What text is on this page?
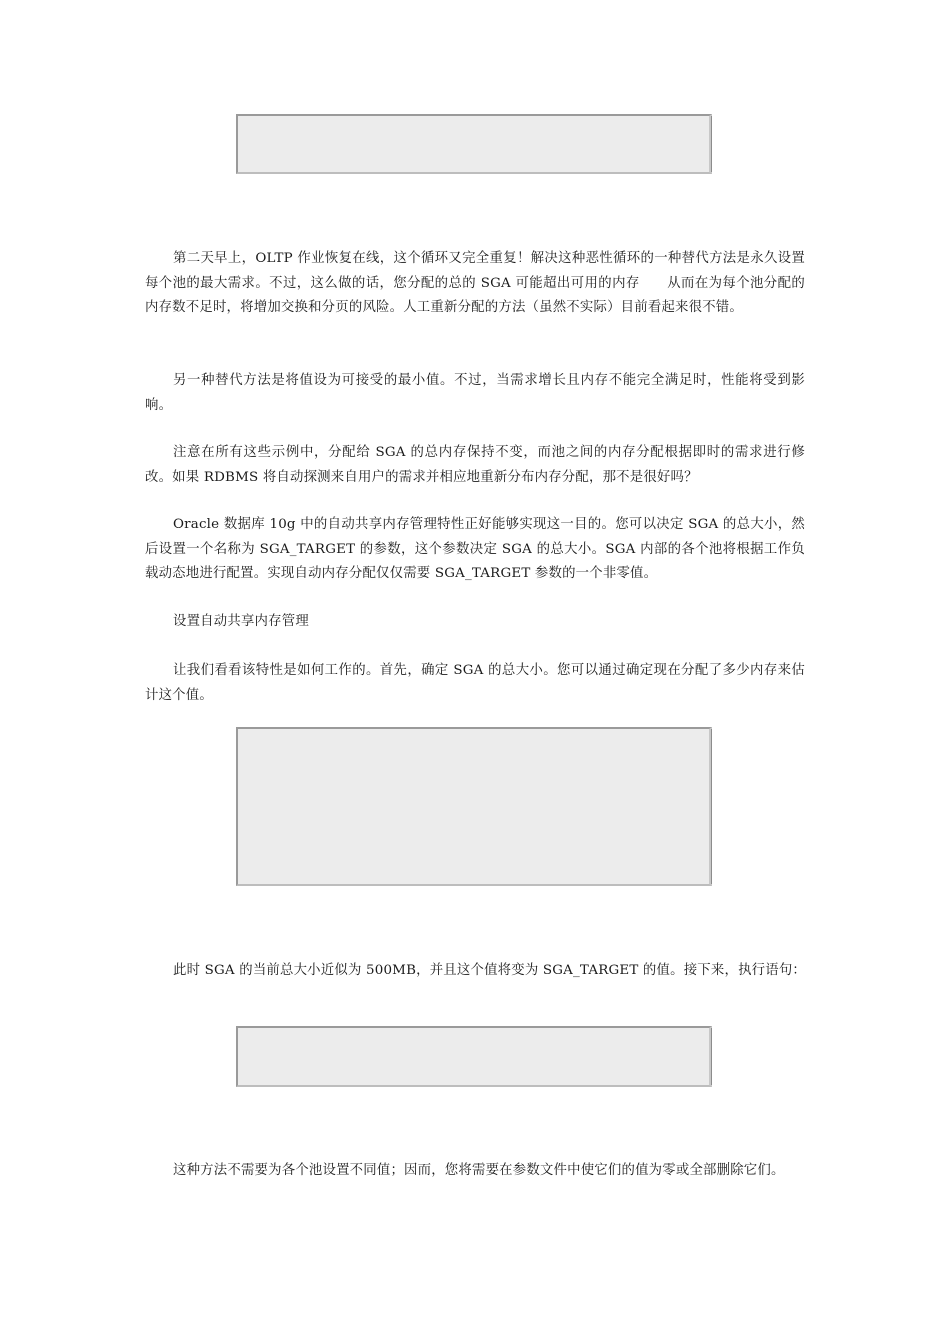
第二天早上，OLTP 作业恢复在线，这个循环又完全重复！解决这种恶性循环的一种替代方法是永久设置每个池的最大需求。不过，这么做的话，您分配的总的 SGA 可能超出可用的内存　　从而在为每个池分配的内存数不足时，将增加交换和分页的风险。人工重新分配的方法（虽然不实际）目前看起来很不错。

另一种替代方法是将值设为可接受的最小值。不过，当需求增长且内存不能完全满足时，性能将受到影响。

注意在所有这些示例中，分配给 SGA 的总内存保持不变，而池之间的内存分配根据即时的需求进行修改。如果 RDBMS 将自动探测来自用户的需求并相应地重新分布内存分配，那不是很好吗？

Oracle 数据库 10g 中的自动共享内存管理特性正好能够实现这一目的。您可以决定 SGA 的总大小，然后设置一个名称为 SGA_TARGET 的参数，这个参数决定 SGA 的总大小。SGA 内部的各个池将根据工作负载动态地进行配置。实现自动内存分配仅仅需要 SGA_TARGET 参数的一个非零值。

设置自动共享内存管理

让我们看看该特性是如何工作的。首先，确定 SGA 的总大小。您可以通过确定现在分配了多少内存来估计这个值。

此时 SGA 的当前总大小近似为 500MB，并且这个值将变为 SGA_TARGET 的值。接下来，执行语句：

这种方法不需要为各个池设置不同值；因而，您将需要在参数文件中使它们的值为零或全部删除它们。
